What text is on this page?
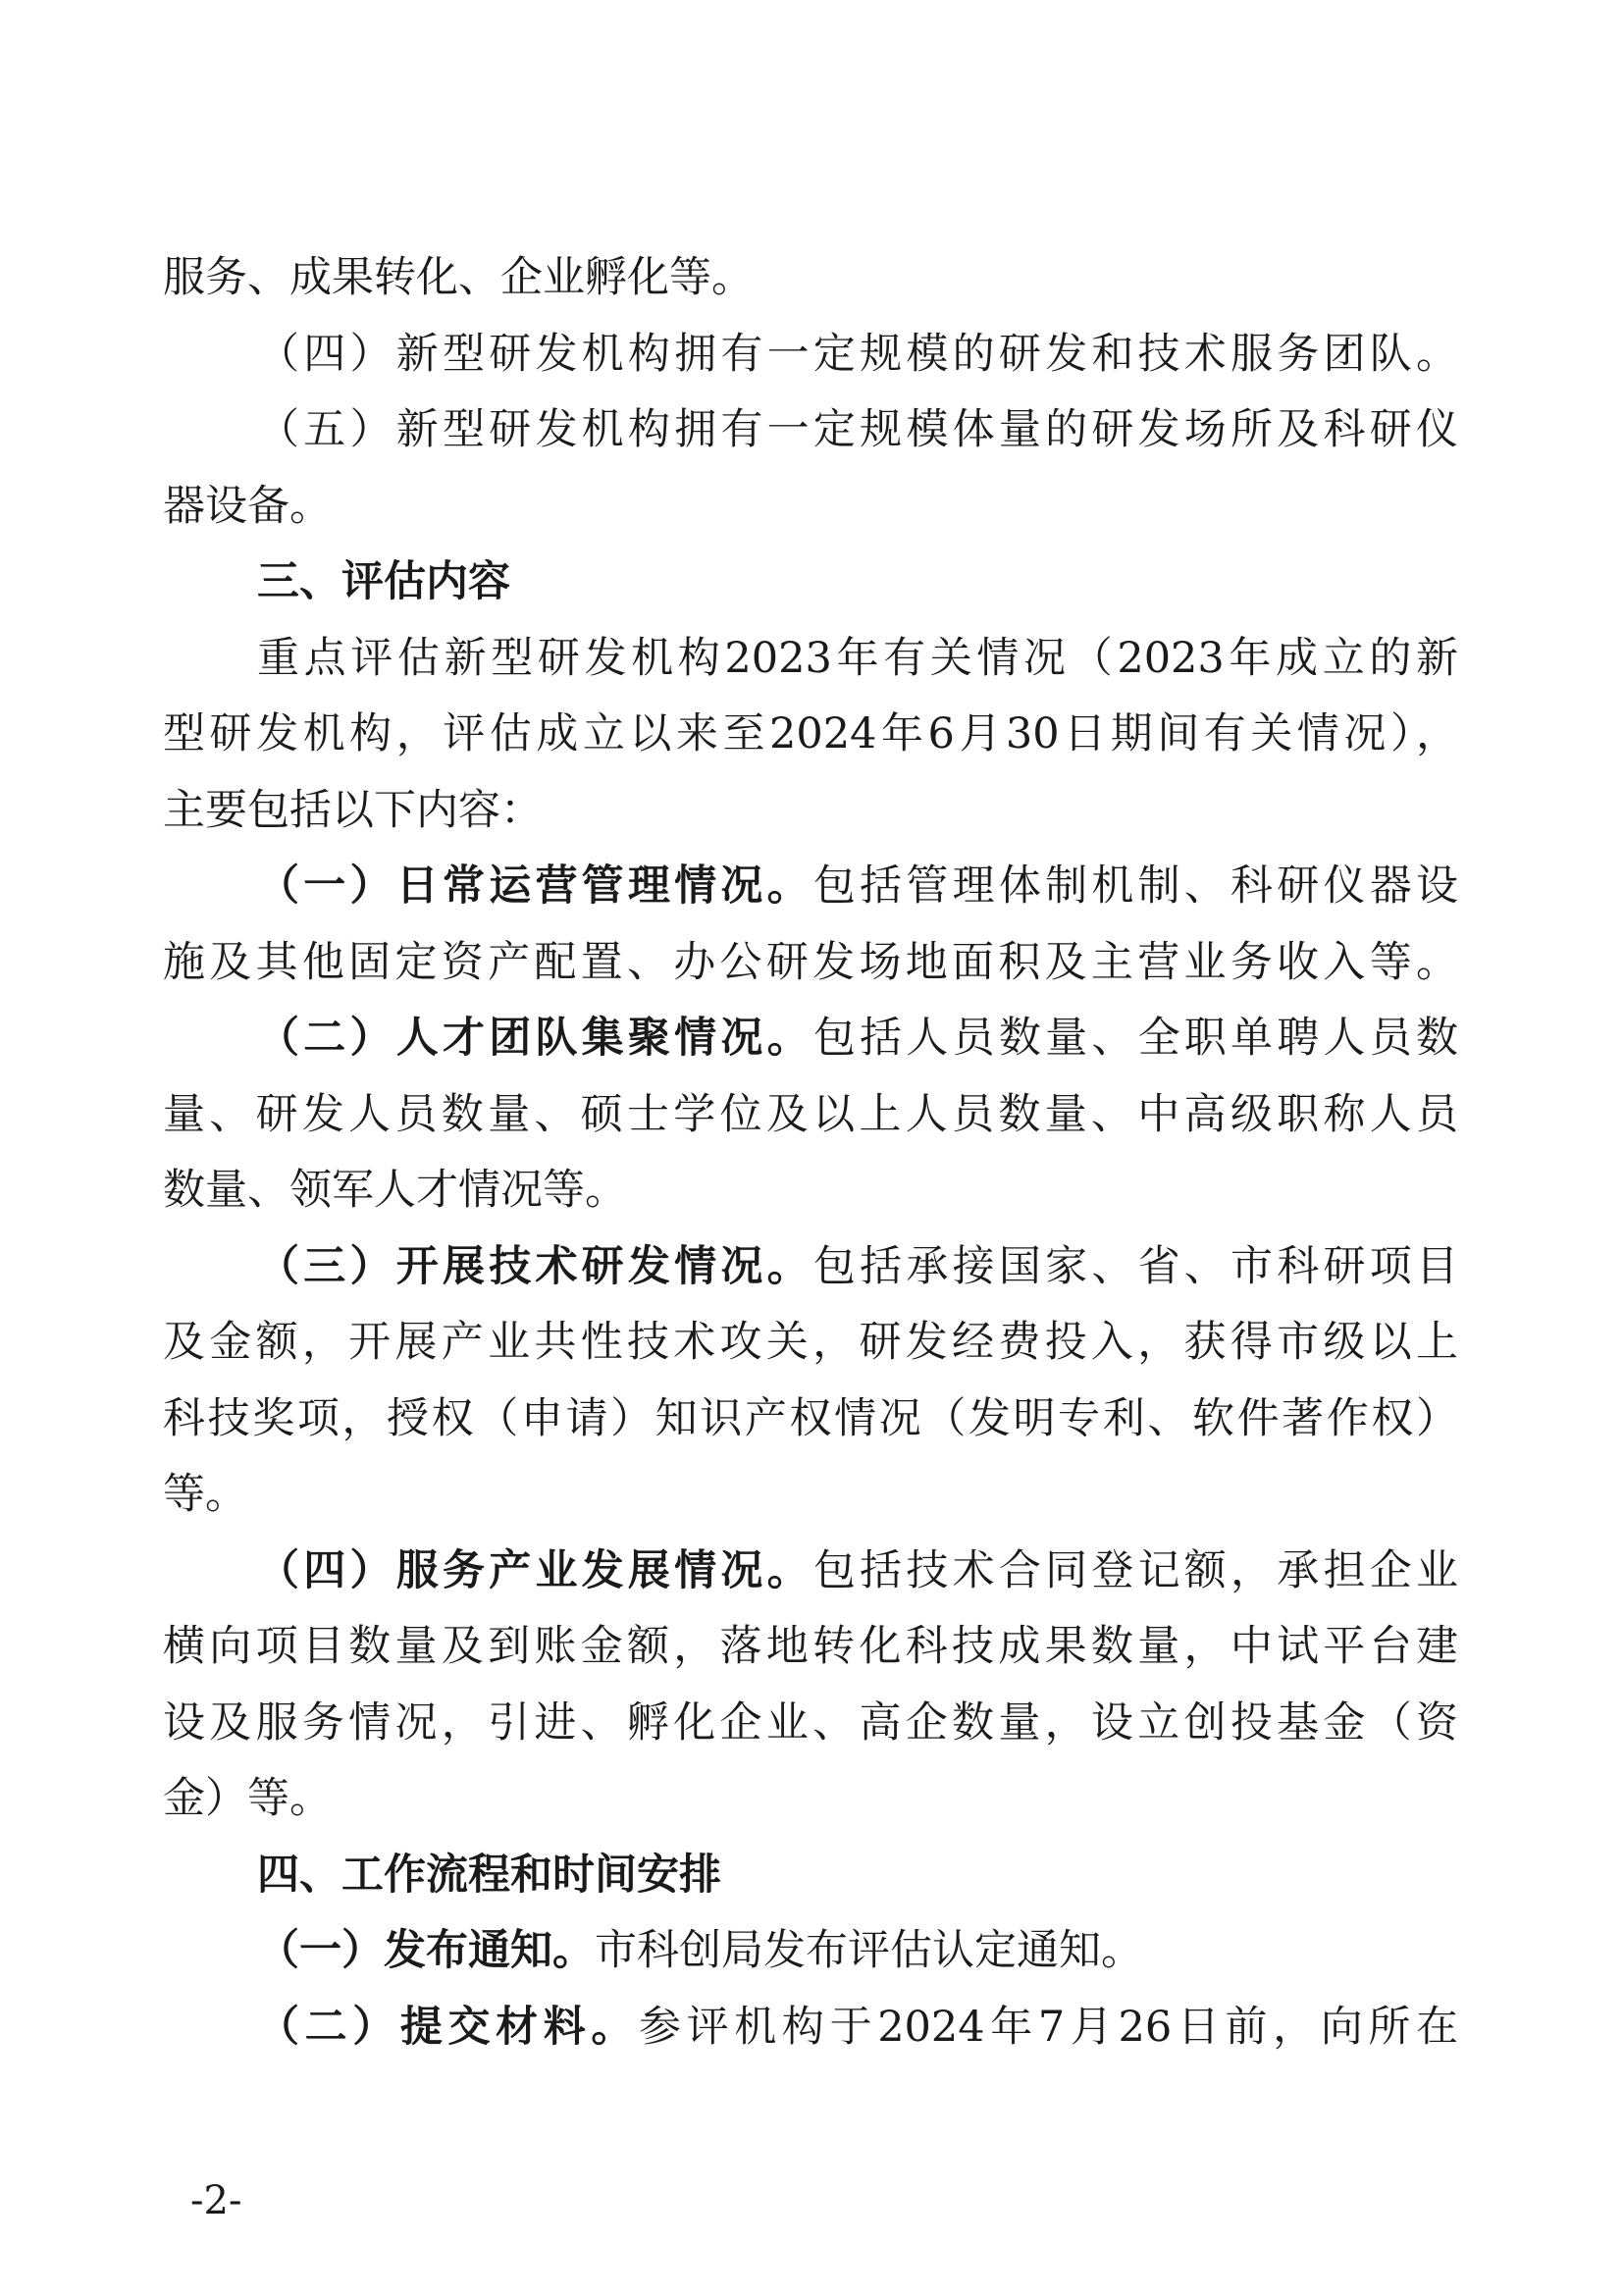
服务、成果转化、企业孵化等。
（四）新型研发机构拥有一定规模的研发和技术服务团队。
（五）新型研发机构拥有一定规模体量的研发场所及科研仪
器设备。
三、评估内容
重点评估新型研发机构2023年有关情况（2023年成立的新
型研发机构，评估成立以来至2024年6月30日期间有关情况），
主要包括以下内容：
（一）日常运营管理情况。包括管理体制机制、科研仪器设
施及其他固定资产配置、办公研发场地面积及主营业务收入等。
（二）人才团队集聚情况。包括人员数量、全职单聘人员数
量、研发人员数量、硕士学位及以上人员数量、中高级职称人员
数量、领军人才情况等。
（三）开展技术研发情况。包括承接国家、省、市科研项目
及金额，开展产业共性技术攻关，研发经费投入，获得市级以上
科技奖项，授权（申请）知识产权情况（发明专利、软件著作权）
等。
（四）服务产业发展情况。包括技术合同登记额，承担企业
横向项目数量及到账金额，落地转化科技成果数量，中试平台建
设及服务情况，引进、孵化企业、高企数量，设立创投基金（资
金）等。
四、工作流程和时间安排
（一）发布通知。市科创局发布评估认定通知。
（二）提交材料。参评机构于2024年7月26日前，向所在
-2-
